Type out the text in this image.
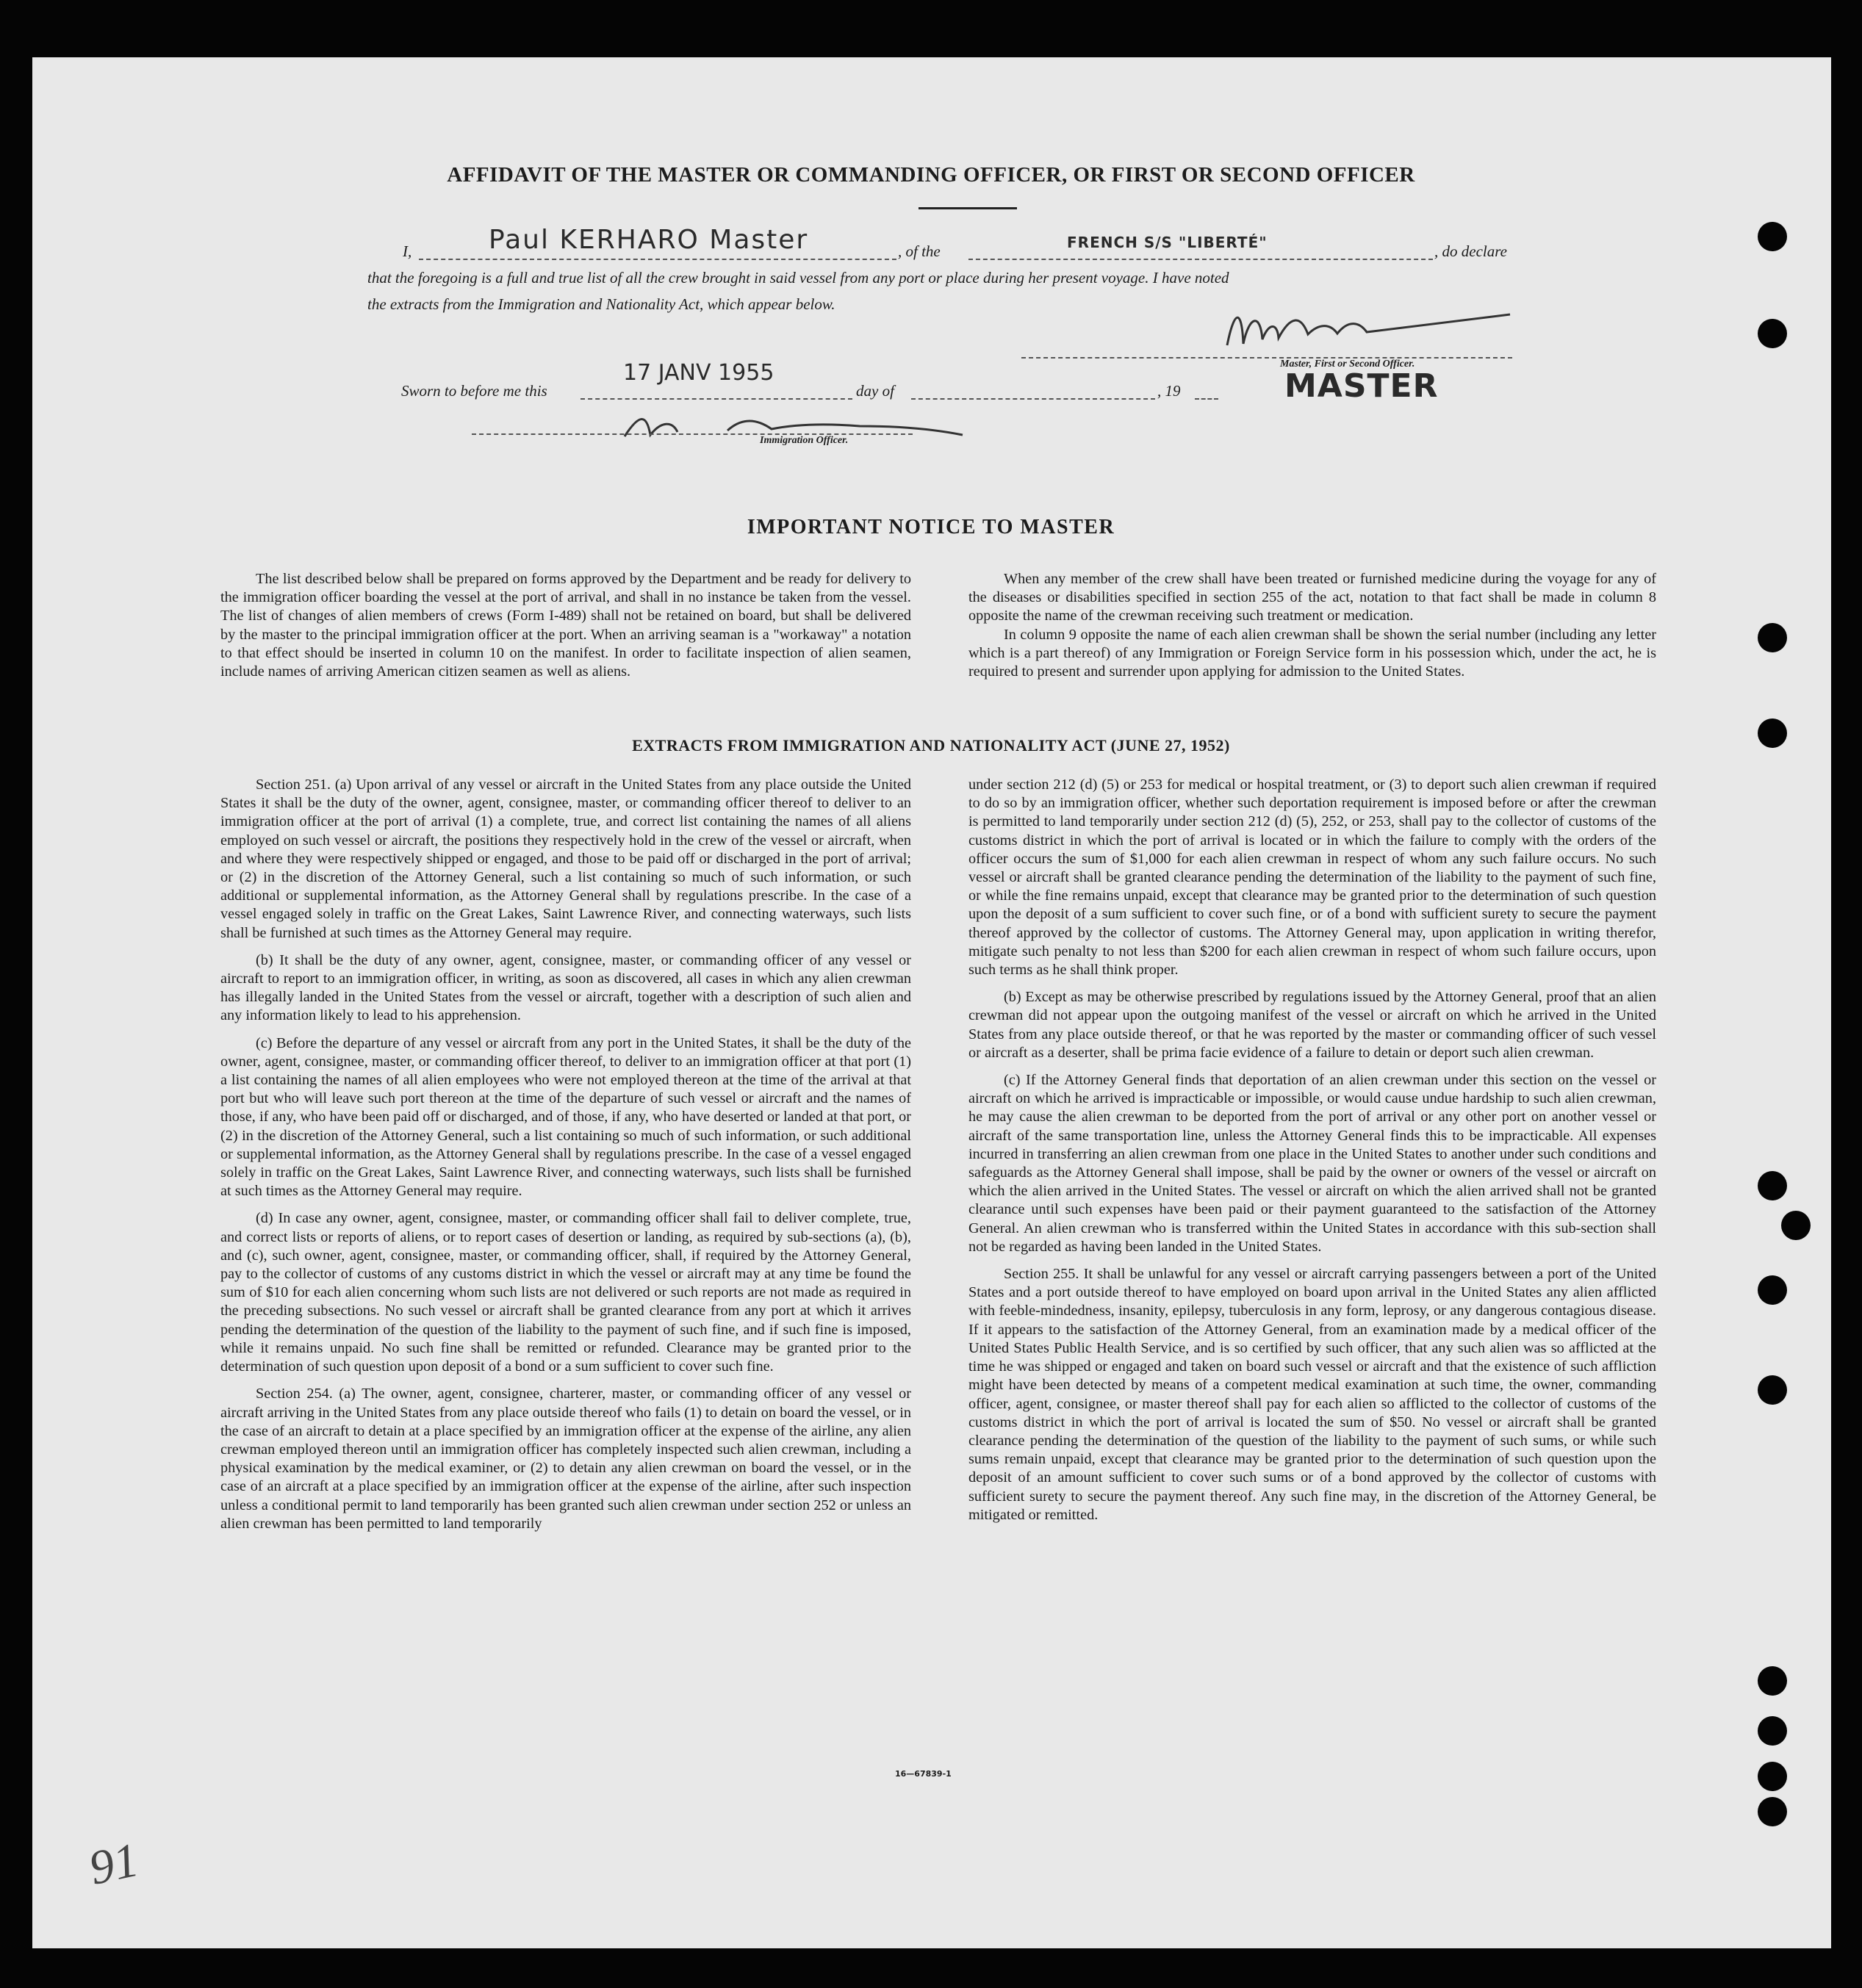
AFFIDAVIT OF THE MASTER OR COMMANDING OFFICER, OR FIRST OR SECOND OFFICER
I,	Paul KERHARO Master	, of the	FRENCH S/S "LIBERTÉ"	, do declare
that the foregoing is a full and true list of all the crew brought in said vessel from any port or place during her present voyage. I have noted
the extracts from the Immigration and Nationality Act, which appear below.
Master, First or Second Officer.
MASTER
Sworn to before me this
17 JANV 1955
day of	, 19
Immigration Officer.
IMPORTANT NOTICE TO MASTER

The list described below shall be prepared on forms approved by the Department and be ready for delivery to the immigration officer boarding the vessel at the port of arrival, and shall in no instance be taken from the vessel. The list of changes of alien members of crews (Form I-489) shall not be retained on board, but shall be delivered by the master to the principal immigration officer at the port. When an arriving seaman is a "workaway" a notation to that effect should be inserted in column 10 on the manifest. In order to facilitate inspection of alien seamen, include names of arriving American citizen seamen as well as aliens.

When any member of the crew shall have been treated or furnished medicine during the voyage for any of the diseases or disabilities specified in section 255 of the act, notation to that fact shall be made in column 8 opposite the name of the crewman receiving such treatment or medication.

In column 9 opposite the name of each alien crewman shall be shown the serial number (including any letter which is a part thereof) of any Immigration or Foreign Service form in his possession which, under the act, he is required to present and surrender upon applying for admission to the United States.

EXTRACTS FROM IMMIGRATION AND NATIONALITY ACT (JUNE 27, 1952)

Section 251. (a) Upon arrival of any vessel or aircraft in the United States from any place outside the United States it shall be the duty of the owner, agent, consignee, master, or commanding officer thereof to deliver to an immigration officer at the port of arrival (1) a complete, true, and correct list containing the names of all aliens employed on such vessel or aircraft, the positions they respectively hold in the crew of the vessel or aircraft, when and where they were respectively shipped or engaged, and those to be paid off or discharged in the port of arrival; or (2) in the discretion of the Attorney General, such a list containing so much of such information, or such additional or supplemental information, as the Attorney General shall by regulations prescribe. In the case of a vessel engaged solely in traffic on the Great Lakes, Saint Lawrence River, and connecting waterways, such lists shall be furnished at such times as the Attorney General may require.

(b) It shall be the duty of any owner, agent, consignee, master, or commanding officer of any vessel or aircraft to report to an immigration officer, in writing, as soon as discovered, all cases in which any alien crewman has illegally landed in the United States from the vessel or aircraft, together with a description of such alien and any information likely to lead to his apprehension.

(c) Before the departure of any vessel or aircraft from any port in the United States, it shall be the duty of the owner, agent, consignee, master, or commanding officer thereof, to deliver to an immigration officer at that port (1) a list containing the names of all alien employees who were not employed thereon at the time of the arrival at that port but who will leave such port thereon at the time of the departure of such vessel or aircraft and the names of those, if any, who have been paid off or discharged, and of those, if any, who have deserted or landed at that port, or (2) in the discretion of the Attorney General, such a list containing so much of such information, or such additional or supplemental information, as the Attorney General shall by regulations prescribe. In the case of a vessel engaged solely in traffic on the Great Lakes, Saint Lawrence River, and connecting waterways, such lists shall be furnished at such times as the Attorney General may require.

(d) In case any owner, agent, consignee, master, or commanding officer shall fail to deliver complete, true, and correct lists or reports of aliens, or to report cases of desertion or landing, as required by sub-sections (a), (b), and (c), such owner, agent, consignee, master, or commanding officer, shall, if required by the Attorney General, pay to the collector of customs of any customs district in which the vessel or aircraft may at any time be found the sum of $10 for each alien concerning whom such lists are not delivered or such reports are not made as required in the preceding subsections. No such vessel or aircraft shall be granted clearance from any port at which it arrives pending the determination of the question of the liability to the payment of such fine, and if such fine is imposed, while it remains unpaid. No such fine shall be remitted or refunded. Clearance may be granted prior to the determination of such question upon deposit of a bond or a sum sufficient to cover such fine.

Section 254. (a) The owner, agent, consignee, charterer, master, or commanding officer of any vessel or aircraft arriving in the United States from any place outside thereof who fails (1) to detain on board the vessel, or in the case of an aircraft to detain at a place specified by an immigration officer at the expense of the airline, any alien crewman employed thereon until an immigration officer has completely inspected such alien crewman, including a physical examination by the medical examiner, or (2) to detain any alien crewman on board the vessel, or in the case of an aircraft at a place specified by an immigration officer at the expense of the airline, after such inspection unless a conditional permit to land temporarily has been granted such alien crewman under section 252 or unless an alien crewman has been permitted to land temporarily

under section 212 (d) (5) or 253 for medical or hospital treatment, or (3) to deport such alien crewman if required to do so by an immigration officer, whether such deportation requirement is imposed before or after the crewman is permitted to land temporarily under section 212 (d) (5), 252, or 253, shall pay to the collector of customs of the customs district in which the port of arrival is located or in which the failure to comply with the orders of the officer occurs the sum of $1,000 for each alien crewman in respect of whom any such failure occurs. No such vessel or aircraft shall be granted clearance pending the determination of the liability to the payment of such fine, or while the fine remains unpaid, except that clearance may be granted prior to the determination of such question upon the deposit of a sum sufficient to cover such fine, or of a bond with sufficient surety to secure the payment thereof approved by the collector of customs. The Attorney General may, upon application in writing therefor, mitigate such penalty to not less than $200 for each alien crewman in respect of whom such failure occurs, upon such terms as he shall think proper.

(b) Except as may be otherwise prescribed by regulations issued by the Attorney General, proof that an alien crewman did not appear upon the outgoing manifest of the vessel or aircraft on which he arrived in the United States from any place outside thereof, or that he was reported by the master or commanding officer of such vessel or aircraft as a deserter, shall be prima facie evidence of a failure to detain or deport such alien crewman.

(c) If the Attorney General finds that deportation of an alien crewman under this section on the vessel or aircraft on which he arrived is impracticable or impossible, or would cause undue hardship to such alien crewman, he may cause the alien crewman to be deported from the port of arrival or any other port on another vessel or aircraft of the same transportation line, unless the Attorney General finds this to be impracticable. All expenses incurred in transferring an alien crewman from one place in the United States to another under such conditions and safeguards as the Attorney General shall impose, shall be paid by the owner or owners of the vessel or aircraft on which the alien arrived in the United States. The vessel or aircraft on which the alien arrived shall not be granted clearance until such expenses have been paid or their payment guaranteed to the satisfaction of the Attorney General. An alien crewman who is transferred within the United States in accordance with this sub-section shall not be regarded as having been landed in the United States.

Section 255. It shall be unlawful for any vessel or aircraft carrying passengers between a port of the United States and a port outside thereof to have employed on board upon arrival in the United States any alien afflicted with feeble-mindedness, insanity, epilepsy, tuberculosis in any form, leprosy, or any dangerous contagious disease. If it appears to the satisfaction of the Attorney General, from an examination made by a medical officer of the United States Public Health Service, and is so certified by such officer, that any such alien was so afflicted at the time he was shipped or engaged and taken on board such vessel or aircraft and that the existence of such affliction might have been detected by means of a competent medical examination at such time, the owner, commanding officer, agent, consignee, or master thereof shall pay for each alien so afflicted to the collector of customs of the customs district in which the port of arrival is located the sum of $50. No vessel or aircraft shall be granted clearance pending the determination of the question of the liability to the payment of such sums, or while such sums remain unpaid, except that clearance may be granted prior to the determination of such question upon the deposit of an amount sufficient to cover such sums or of a bond approved by the collector of customs with sufficient surety to secure the payment thereof. Any such fine may, in the discretion of the Attorney General, be mitigated or remitted.

16—67839-1
91
